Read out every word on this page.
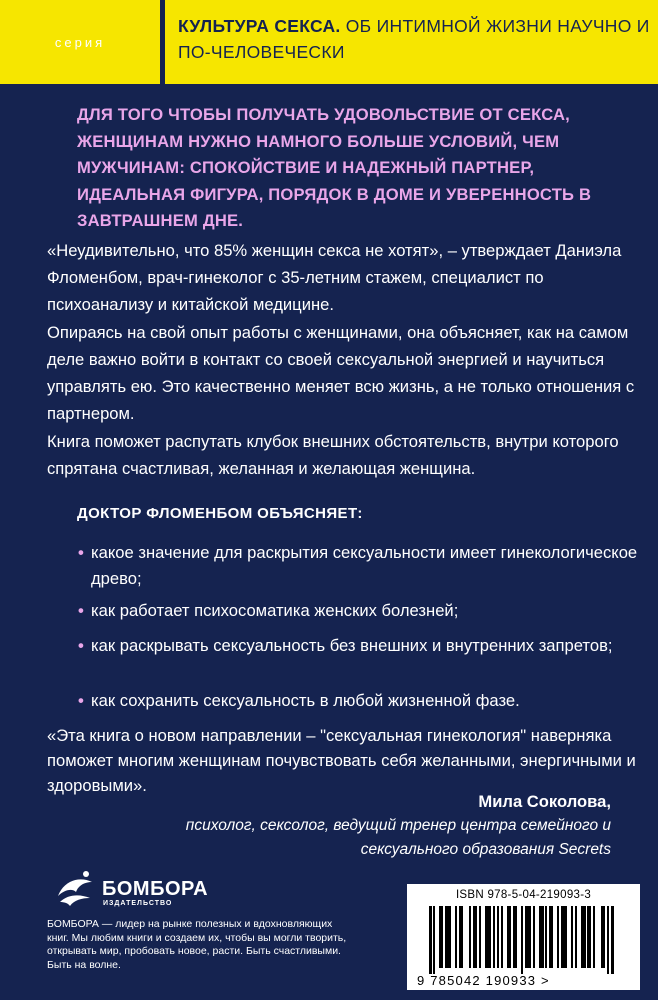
серия
КУЛЬТУРА СЕКСА. ОБ ИНТИМНОЙ ЖИЗНИ НАУЧНО И ПО-ЧЕЛОВЕЧЕСКИ
ДЛЯ ТОГО ЧТОБЫ ПОЛУЧАТЬ УДОВОЛЬСТВИЕ ОТ СЕКСА, ЖЕНЩИНАМ НУЖНО НАМНОГО БОЛЬШЕ УСЛОВИЙ, ЧЕМ МУЖЧИНАМ: СПОКОЙСТВИЕ И НАДЕЖНЫЙ ПАРТНЕР, ИДЕАЛЬНАЯ ФИГУРА, ПОРЯДОК В ДОМЕ И УВЕРЕННОСТЬ В ЗАВТРАШНЕМ ДНЕ.
«Неудивительно, что 85% женщин секса не хотят», – утверждает Даниэла Фломенбом, врач-гинеколог с 35-летним стажем, специалист по психоанализу и китайской медицине.
Опираясь на свой опыт работы с женщинами, она объясняет, как на самом деле важно войти в контакт со своей сексуальной энергией и научиться управлять ею. Это качественно меняет всю жизнь, а не только отношения с партнером.
Книга поможет распутать клубок внешних обстоятельств, внутри которого спрятана счастливая, желанная и желающая женщина.
ДОКТОР ФЛОМЕНБОМ ОБЪЯСНЯЕТ:
• какое значение для раскрытия сексуальности имеет гинекологическое древо;
• как работает психосоматика женских болезней;
• как раскрывать сексуальность без внешних и внутренних запретов;
• как сохранить сексуальность в любой жизненной фазе.
«Эта книга о новом направлении – "сексуальная гинекология" наверняка поможет многим женщинам почувствовать себя желанными, энергичными и здоровыми».
Мила Соколова,
психолог, сексолог, ведущий тренер центра семейного и сексуального образования Secrets
БОМБОРА
ИЗДАТЕЛЬСТВО
БОМБОРА — лидер на рынке полезных и вдохновляющих книг. Мы любим книги и создаем их, чтобы вы могли творить, открывать мир, пробовать новое, расти. Быть счастливыми. Быть на волне.
ISBN 978-5-04-219093-3
9 785042 190933 >
